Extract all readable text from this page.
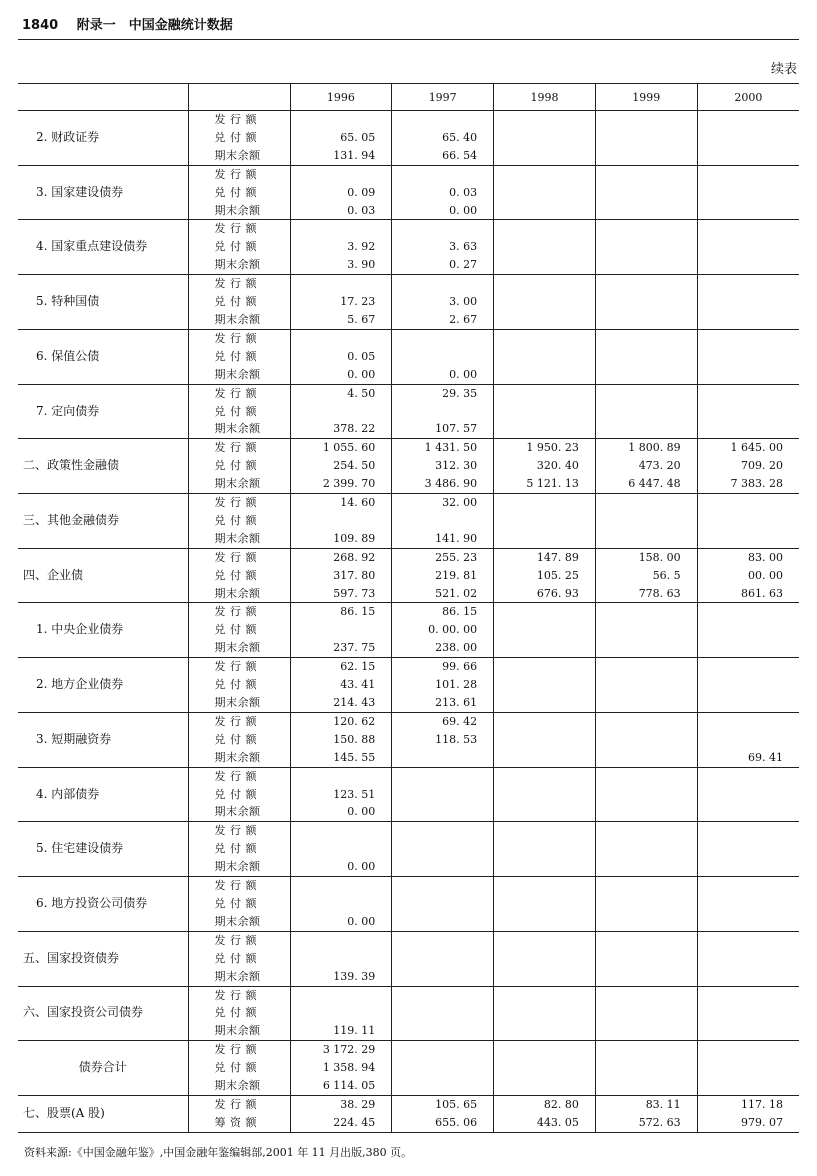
1840 附录一　中国金融统计数据
续表
		1996	1997	1998	1999	2000
2. 财政证券	发 行 额					
	兑 付 额	65. 05	65. 40			
	期末余额	131. 94	66. 54			
3. 国家建设债券	发 行 额					
	兑 付 额	0. 09	0. 03			
	期末余额	0. 03	0. 00			
4. 国家重点建设债券	发 行 额					
	兑 付 额	3. 92	3. 63			
	期末余额	3. 90	0. 27			
5. 特种国债	发 行 额					
	兑 付 额	17. 23	3. 00			
	期末余额	5. 67	2. 67			
6. 保值公债	发 行 额					
	兑 付 额	0. 05				
	期末余额	0. 00	0. 00			
7. 定向债券	发 行 额	4. 50	29. 35			
	兑 付 额					
	期末余额	378. 22	107. 57			
二、政策性金融债	发 行 额	1 055. 60	1 431. 50	1 950. 23	1 800. 89	1 645. 00
	兑 付 额	254. 50	312. 30	320. 40	473. 20	709. 20
	期末余额	2 399. 70	3 486. 90	5 121. 13	6 447. 48	7 383. 28
三、其他金融债券	发 行 额	14. 60	32. 00			
	兑 付 额					
	期末余额	109. 89	141. 90			
四、企业债	发 行 额	268. 92	255. 23	147. 89	158. 00	83. 00
	兑 付 额	317. 80	219. 81	105. 25	56. 5	00. 00
	期末余额	597. 73	521. 02	676. 93	778. 63	861. 63
1. 中央企业债券	发 行 额	86. 15	86. 15			
	兑 付 额		0. 00. 00			
	期末余额	237. 75	238. 00			
2. 地方企业债券	发 行 额	62. 15	99. 66			
	兑 付 额	43. 41	101. 28			
	期末余额	214. 43	213. 61			
3. 短期融资券	发 行 额	120. 62	69. 42			
	兑 付 额	150. 88	118. 53			
	期末余额	145. 55				69. 41
4. 内部债券	发 行 额					
	兑 付 额	123. 51				
	期末余额	0. 00				
5. 住宅建设债券	发 行 额					
	兑 付 额					
	期末余额	0. 00				
6. 地方投资公司债券	发 行 额					
	兑 付 额					
	期末余额	0. 00				
五、国家投资债券	发 行 额					
	兑 付 额					
	期末余额	139. 39				
六、国家投资公司债券	发 行 额					
	兑 付 额					
	期末余额	119. 11				
债券合计	发 行 额	3 172. 29				
	兑 付 额	1 358. 94				
	期末余额	6 114. 05				
七、股票(A 股)	发 行 额	38. 29	105. 65	82. 80	83. 11	117. 18
	筹 资 额	224. 45	655. 06	443. 05	572. 63	979. 07
资料来源:《中国金融年鉴》,中国金融年鉴编辑部,2001 年 11 月出版,380 页。
